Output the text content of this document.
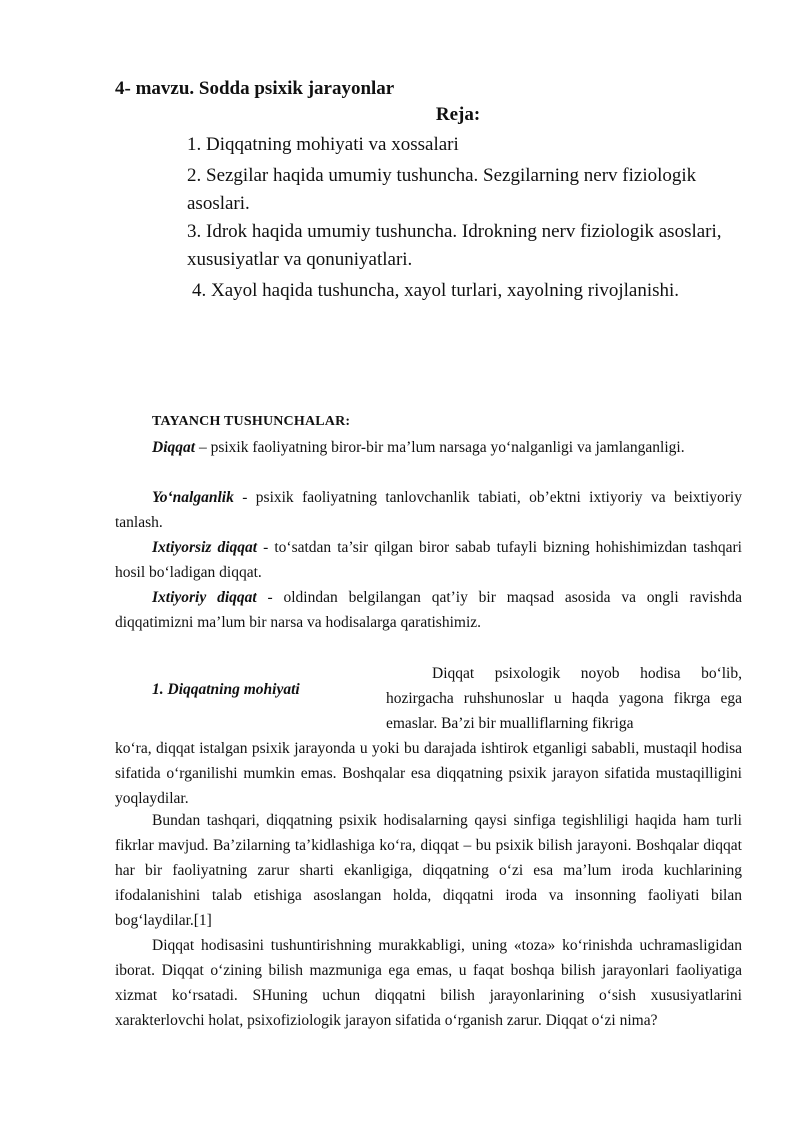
4- mavzu. Sodda psixik jarayonlar
Reja:
1. Diqqatning mohiyati va xossalari
2. Sezgilar haqida umumiy tushuncha. Sezgilarning nerv fiziologik asoslari.
3. Idrok haqida umumiy tushuncha. Idrokning nerv fiziologik asoslari, xususiyatlar va qonuniyatlari.
4. Xayol haqida tushuncha, xayol turlari, xayolning rivojlanishi.
TAYANCH TUSHUNCHALAR:
Diqqat – psixik faoliyatning biror-bir ma’lum narsaga yo‘nalganligi va jamlanganligi.
Yo‘nalganlik - psixik faoliyatning tanlovchanlik tabiati, ob’ektni ixtiyoriy va beixtiyoriy tanlash.
Ixtiyorsiz diqqat - to‘satdan ta’sir qilgan biror sabab tufayli bizning hohishimizdan tashqari hosil bo‘ladigan diqqat.
Ixtiyoriy diqqat - oldindan belgilangan qat’iy bir maqsad asosida va ongli ravishda diqqatimizni ma’lum bir narsa va hodisalarga qaratishimiz.
1. Diqqatning mohiyati
Diqqat psixologik noyob hodisa bo‘lib, hozirgacha ruhshunoslar u haqda yagona fikrga ega emaslar. Ba’zi bir mualliflarning fikriga
ko‘ra, diqqat istalgan psixik jarayonda u yoki bu darajada ishtirok etganligi sababli, mustaqil hodisa sifatida o‘rganilishi mumkin emas. Boshqalar esa diqqatning psixik jarayon sifatida mustaqilligini yoqlaydilar.
Bundan tashqari, diqqatning psixik hodisalarning qaysi sinfiga tegishliligi haqida ham turli fikrlar mavjud. Ba’zilarning ta’kidlashiga ko‘ra, diqqat – bu psixik bilish jarayoni. Boshqalar diqqat har bir faoliyatning zarur sharti ekanligiga, diqqatning o‘zi esa ma’lum iroda kuchlarining ifodalanishini talab etishiga asoslangan holda, diqqatni iroda va insonning faoliyati bilan bog‘laydilar.[1]
Diqqat hodisasini tushuntirishning murakkabligi, uning «toza» ko‘rinishda uchramasligidan iborat. Diqqat o‘zining bilish mazmuniga ega emas, u faqat boshqa bilish jarayonlari faoliyatiga xizmat ko‘rsatadi. SHuning uchun diqqatni bilish jarayonlarining o‘sish xususiyatlarini xarakterlovchi holat, psixofiziologik jarayon sifatida o‘rganish zarur. Diqqat o‘zi nima?
